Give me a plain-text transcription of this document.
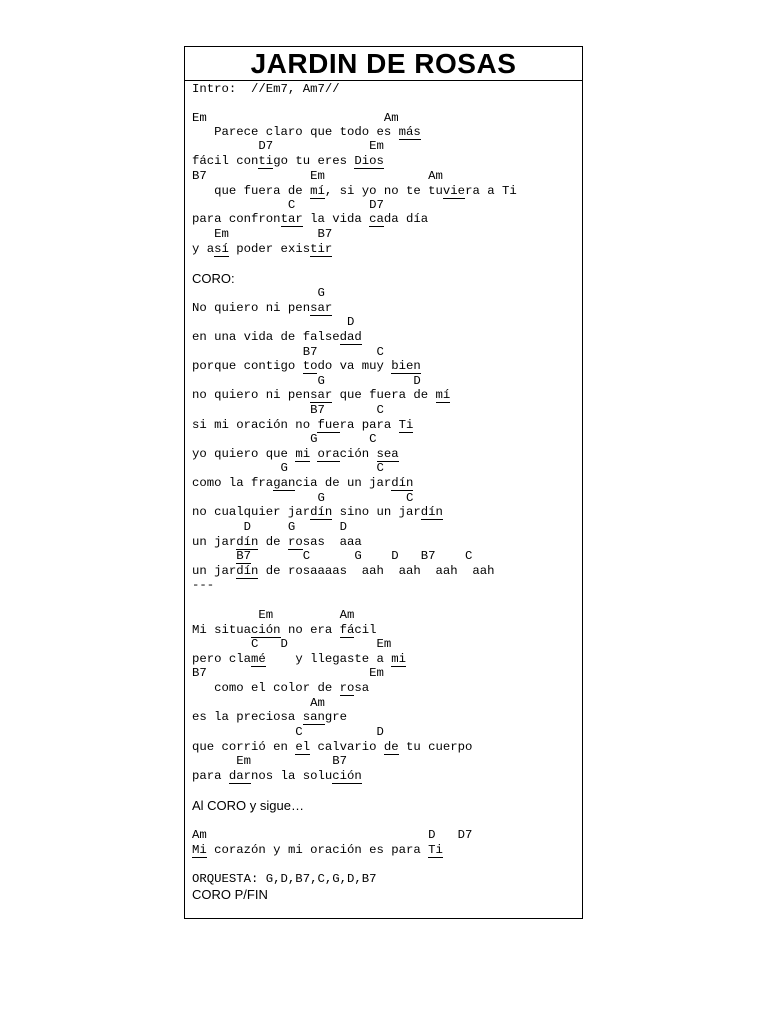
JARDIN DE ROSAS
Intro:  //Em7, Am7//
Em                        Am
Parece claro que todo es más
D7             Em
fácil contigo tu eres Dios
B7              Em              Am
que fuera de mí, si yo no te tuviera a Ti
C          D7
para confrontar la vida cada día
Em            B7
y así poder existir
CORO:
G
No quiero ni pensar
D
en una vida de falsedad
B7        C
porque contigo todo va muy bien
G            D
no quiero ni pensar que fuera de mí
B7       C
si mi oración no fuera para Ti
G       C
yo quiero que mi oración sea
G            C
como la fragancia de un jardín
G           C
no cualquier jardín sino un jardín
D     G      D
un jardín de rosas  aaa
B7       C      G    D   B7    C
un jardín de rosaaaas  aah  aah  aah  aah
---
Em         Am
Mi situación no era fácil
C   D            Em
pero clamé    y llegaste a mi
B7                      Em
como el color de rosa
Am
es la preciosa sangre
C          D
que corrió en el calvario de tu cuerpo
Em           B7
para darnos la solución
Al CORO y sigue…
Am                              D   D7
Mi corazón y mi oración es para Ti
ORQUESTA: G,D,B7,C,G,D,B7
CORO P/FIN
